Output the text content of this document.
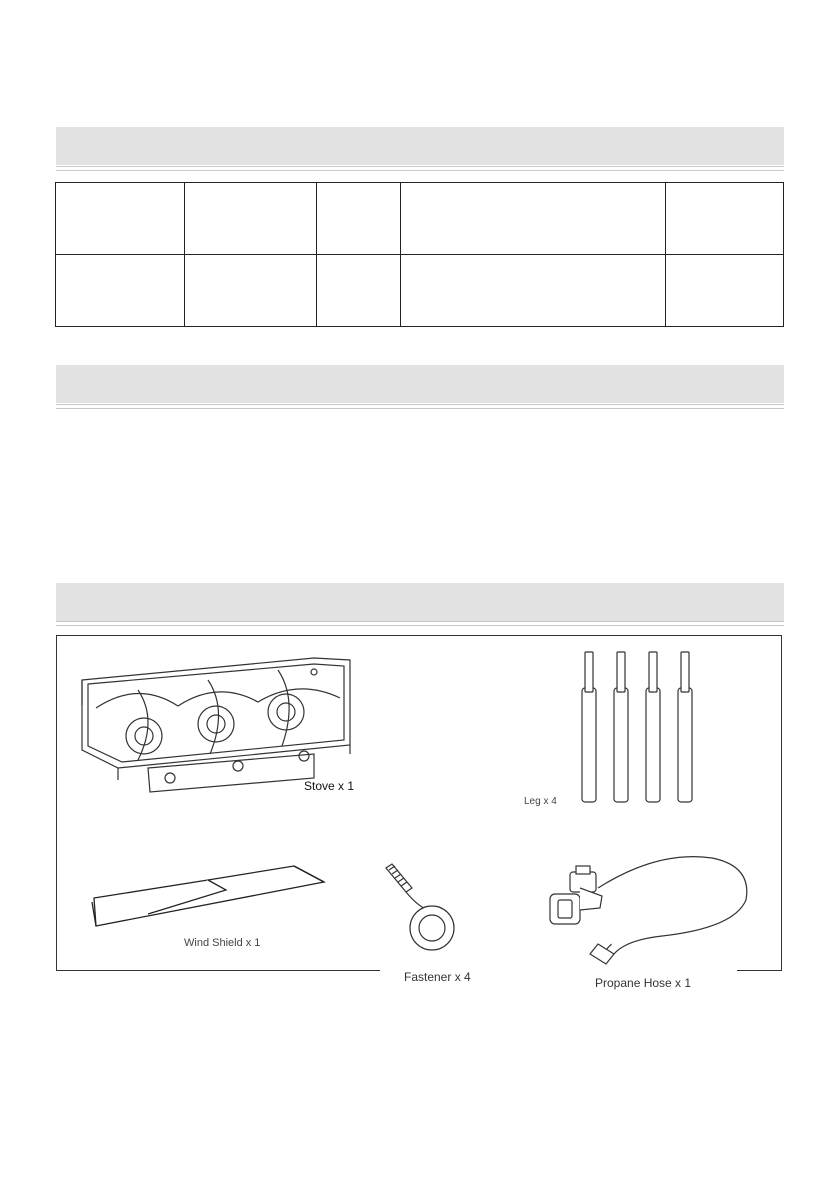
Stove x 1
Leg x 4
Wind Shield x 1
Fastener x 4	Propane Hose x 1
